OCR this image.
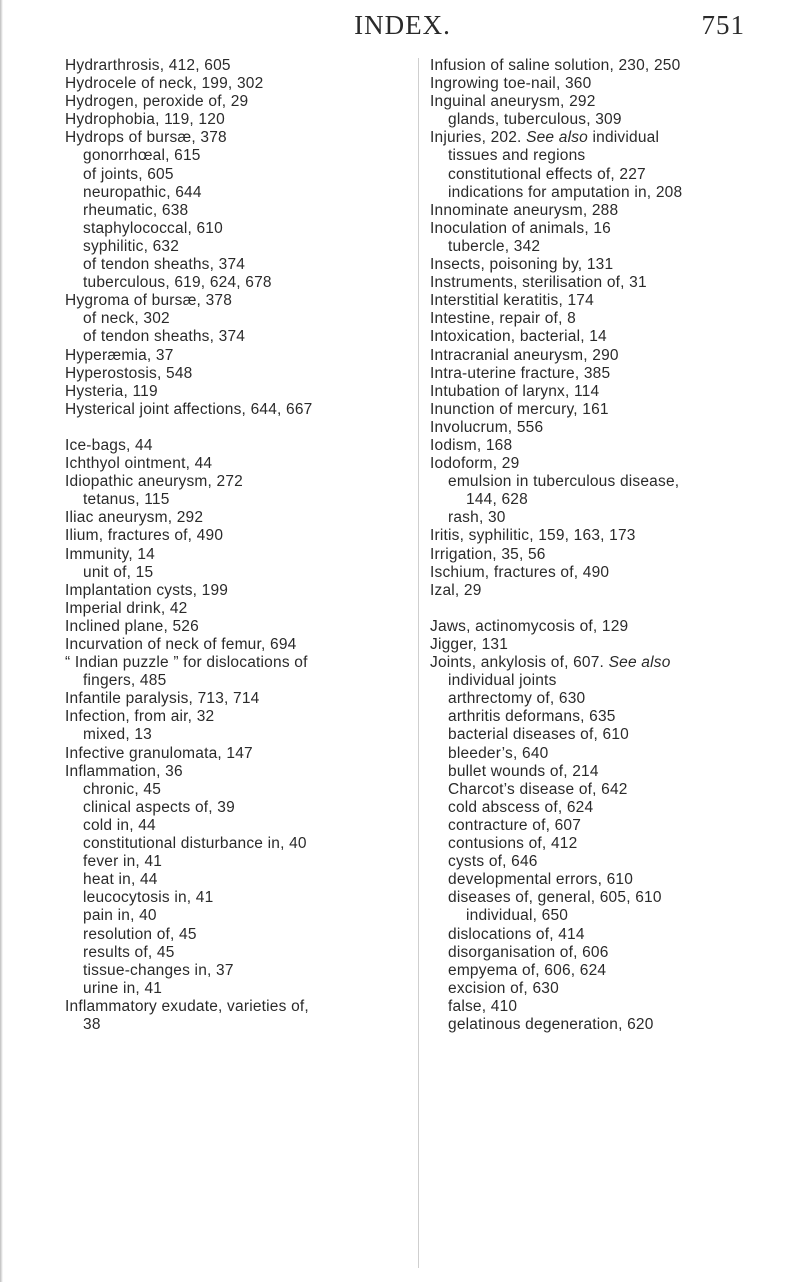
INDEX.	751
Hydrarthrosis, 412, 605
Hydrocele of neck, 199, 302
Hydrogen, peroxide of, 29
Hydrophobia, 119, 120
Hydrops of bursæ, 378
gonorrhœal, 615
of joints, 605
neuropathic, 644
rheumatic, 638
staphylococcal, 610
syphilitic, 632
of tendon sheaths, 374
tuberculous, 619, 624, 678
Hygroma of bursæ, 378
of neck, 302
of tendon sheaths, 374
Hyperæmia, 37
Hyperostosis, 548
Hysteria, 119
Hysterical joint affections, 644, 667
Ice-bags, 44
Ichthyol ointment, 44
Idiopathic aneurysm, 272
tetanus, 115
Iliac aneurysm, 292
Ilium, fractures of, 490
Immunity, 14
unit of, 15
Implantation cysts, 199
Imperial drink, 42
Inclined plane, 526
Incurvation of neck of femur, 694
“ Indian puzzle ” for dislocations of
fingers, 485
Infantile paralysis, 713, 714
Infection, from air, 32
mixed, 13
Infective granulomata, 147
Inflammation, 36
chronic, 45
clinical aspects of, 39
cold in, 44
constitutional disturbance in, 40
fever in, 41
heat in, 44
leucocytosis in, 41
pain in, 40
resolution of, 45
results of, 45
tissue-changes in, 37
urine in, 41
Inflammatory exudate, varieties of,
38
Infusion of saline solution, 230, 250
Ingrowing toe-nail, 360
Inguinal aneurysm, 292
glands, tuberculous, 309
Injuries, 202. See also individual
tissues and regions
constitutional effects of, 227
indications for amputation in, 208
Innominate aneurysm, 288
Inoculation of animals, 16
tubercle, 342
Insects, poisoning by, 131
Instruments, sterilisation of, 31
Interstitial keratitis, 174
Intestine, repair of, 8
Intoxication, bacterial, 14
Intracranial aneurysm, 290
Intra-uterine fracture, 385
Intubation of larynx, 114
Inunction of mercury, 161
Involucrum, 556
Iodism, 168
Iodoform, 29
emulsion in tuberculous disease,
144, 628
rash, 30
Iritis, syphilitic, 159, 163, 173
Irrigation, 35, 56
Ischium, fractures of, 490
Izal, 29
Jaws, actinomycosis of, 129
Jigger, 131
Joints, ankylosis of, 607. See also
individual joints
arthrectomy of, 630
arthritis deformans, 635
bacterial diseases of, 610
bleeder’s, 640
bullet wounds of, 214
Charcot’s disease of, 642
cold abscess of, 624
contracture of, 607
contusions of, 412
cysts of, 646
developmental errors, 610
diseases of, general, 605, 610
individual, 650
dislocations of, 414
disorganisation of, 606
empyema of, 606, 624
excision of, 630
false, 410
gelatinous degeneration, 620
